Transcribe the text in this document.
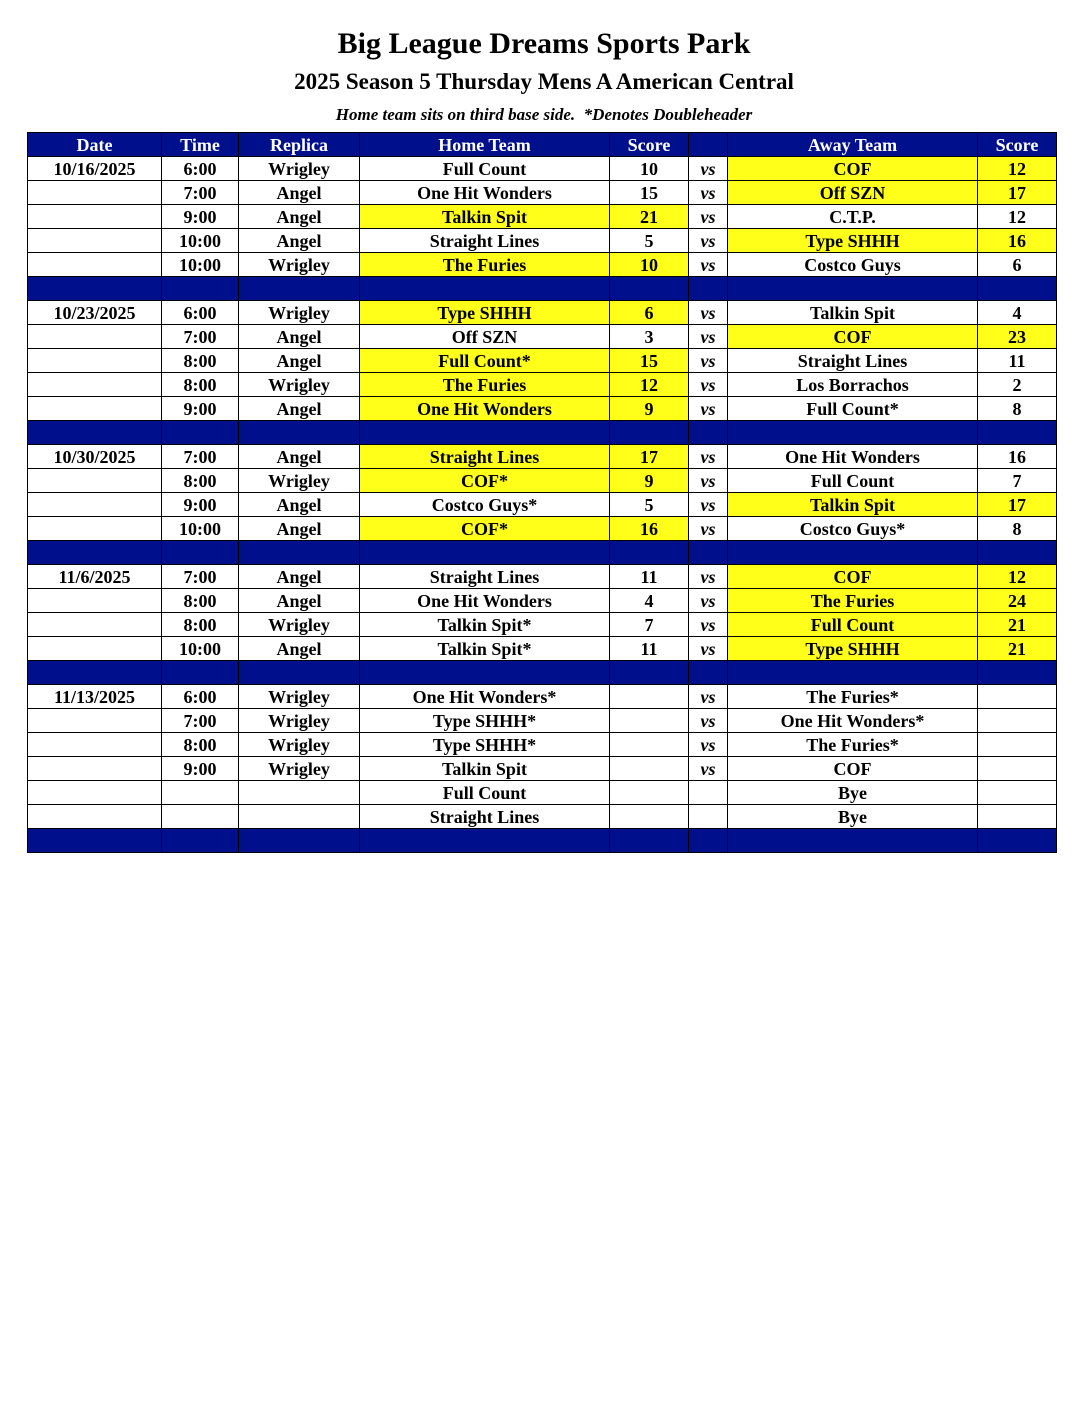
Big League Dreams Sports Park
2025 Season 5 Thursday Mens A American Central
Home team sits on third base side.  *Denotes Doubleheader
Date	Time	Replica	Home Team	Score		Away Team	Score
10/16/2025	6:00	Wrigley	Full Count	10	vs	COF	12
	7:00	Angel	One Hit Wonders	15	vs	Off SZN	17
	9:00	Angel	Talkin Spit	21	vs	C.T.P.	12
	10:00	Angel	Straight Lines	5	vs	Type SHHH	16
	10:00	Wrigley	The Furies	10	vs	Costco Guys	6

10/23/2025	6:00	Wrigley	Type SHHH	6	vs	Talkin Spit	4
	7:00	Angel	Off SZN	3	vs	COF	23
	8:00	Angel	Full Count*	15	vs	Straight Lines	11
	8:00	Wrigley	The Furies	12	vs	Los Borrachos	2
	9:00	Angel	One Hit Wonders	9	vs	Full Count*	8

10/30/2025	7:00	Angel	Straight Lines	17	vs	One Hit Wonders	16
	8:00	Wrigley	COF*	9	vs	Full Count	7
	9:00	Angel	Costco Guys*	5	vs	Talkin Spit	17
	10:00	Angel	COF*	16	vs	Costco Guys*	8

11/6/2025	7:00	Angel	Straight Lines	11	vs	COF	12
	8:00	Angel	One Hit Wonders	4	vs	The Furies	24
	8:00	Wrigley	Talkin Spit*	7	vs	Full Count	21
	10:00	Angel	Talkin Spit*	11	vs	Type SHHH	21

11/13/2025	6:00	Wrigley	One Hit Wonders*		vs	The Furies*	
	7:00	Wrigley	Type SHHH*		vs	One Hit Wonders*	
	8:00	Wrigley	Type SHHH*		vs	The Furies*	
	9:00	Wrigley	Talkin Spit		vs	COF	
			Full Count			Bye	
			Straight Lines			Bye	
